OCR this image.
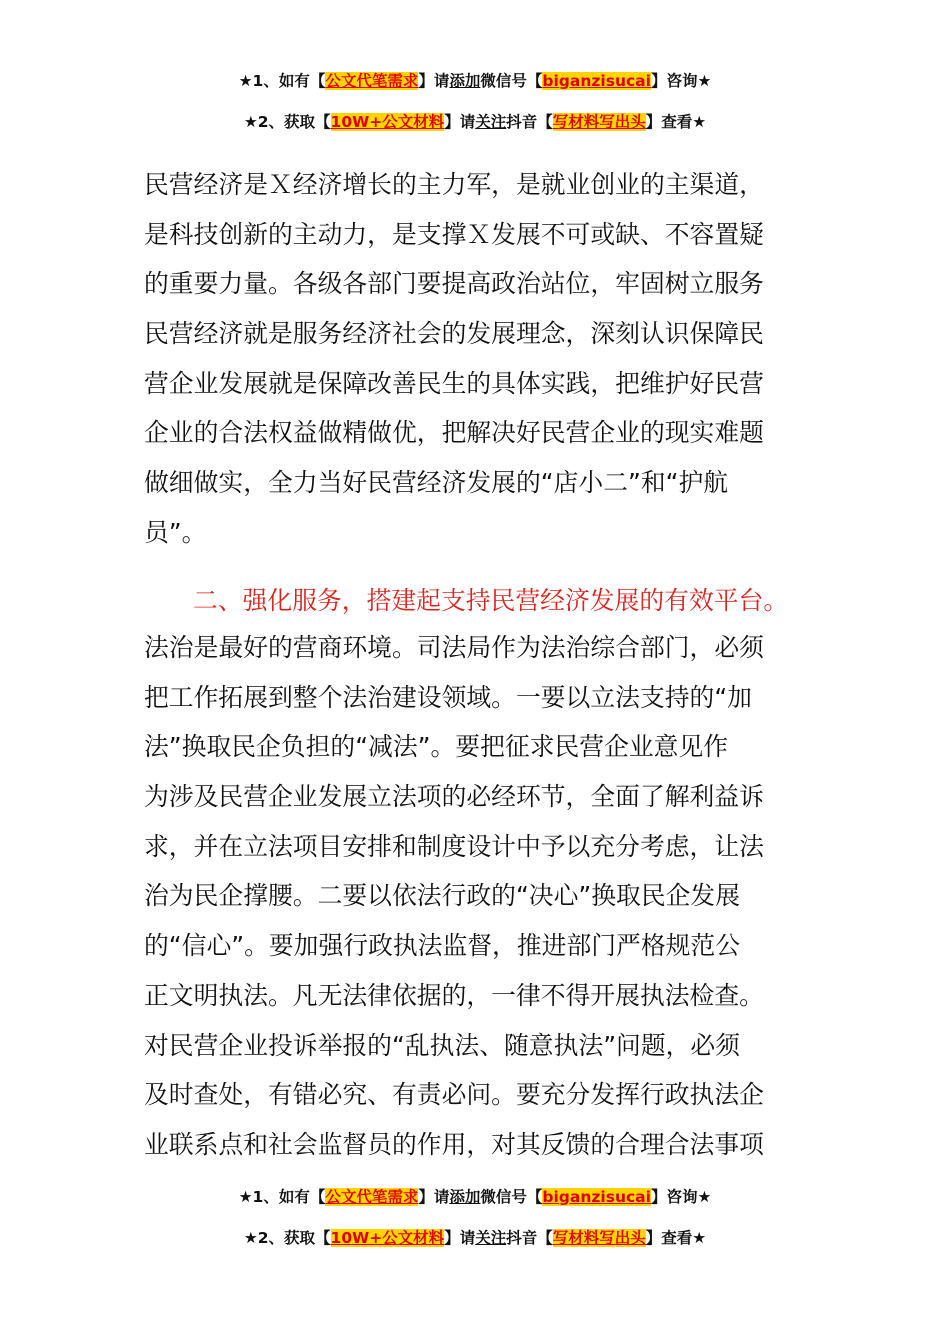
★1、如有【公文代笔需求】请添加微信号【biganzisucai】咨询★
★2、获取【10W+公文材料】请关注抖音【写材料写出头】查看★
民营经济是Ｘ经济增长的主力军，是就业创业的主渠道，
是科技创新的主动力，是支撑Ｘ发展不可或缺、不容置疑
的重要力量。各级各部门要提高政治站位，牢固树立服务
民营经济就是服务经济社会的发展理念，深刻认识保障民
营企业发展就是保障改善民生的具体实践，把维护好民营
企业的合法权益做精做优，把解决好民营企业的现实难题
做细做实，全力当好民营经济发展的“店小二”和“护航
员”。
二、强化服务，搭建起支持民营经济发展的有效平台。
法治是最好的营商环境。司法局作为法治综合部门，必须
把工作拓展到整个法治建设领域。一要以立法支持的“加
法”换取民企负担的“减法”。要把征求民营企业意见作
为涉及民营企业发展立法项的必经环节，全面了解利益诉
求，并在立法项目安排和制度设计中予以充分考虑，让法
治为民企撑腰。二要以依法行政的“决心”换取民企发展
的“信心”。要加强行政执法监督，推进部门严格规范公
正文明执法。凡无法律依据的，一律不得开展执法检查。
对民营企业投诉举报的“乱执法、随意执法”问题，必须
及时查处，有错必究、有责必问。要充分发挥行政执法企
业联系点和社会监督员的作用，对其反馈的合理合法事项
★1、如有【公文代笔需求】请添加微信号【biganzisucai】咨询★
★2、获取【10W+公文材料】请关注抖音【写材料写出头】查看★
